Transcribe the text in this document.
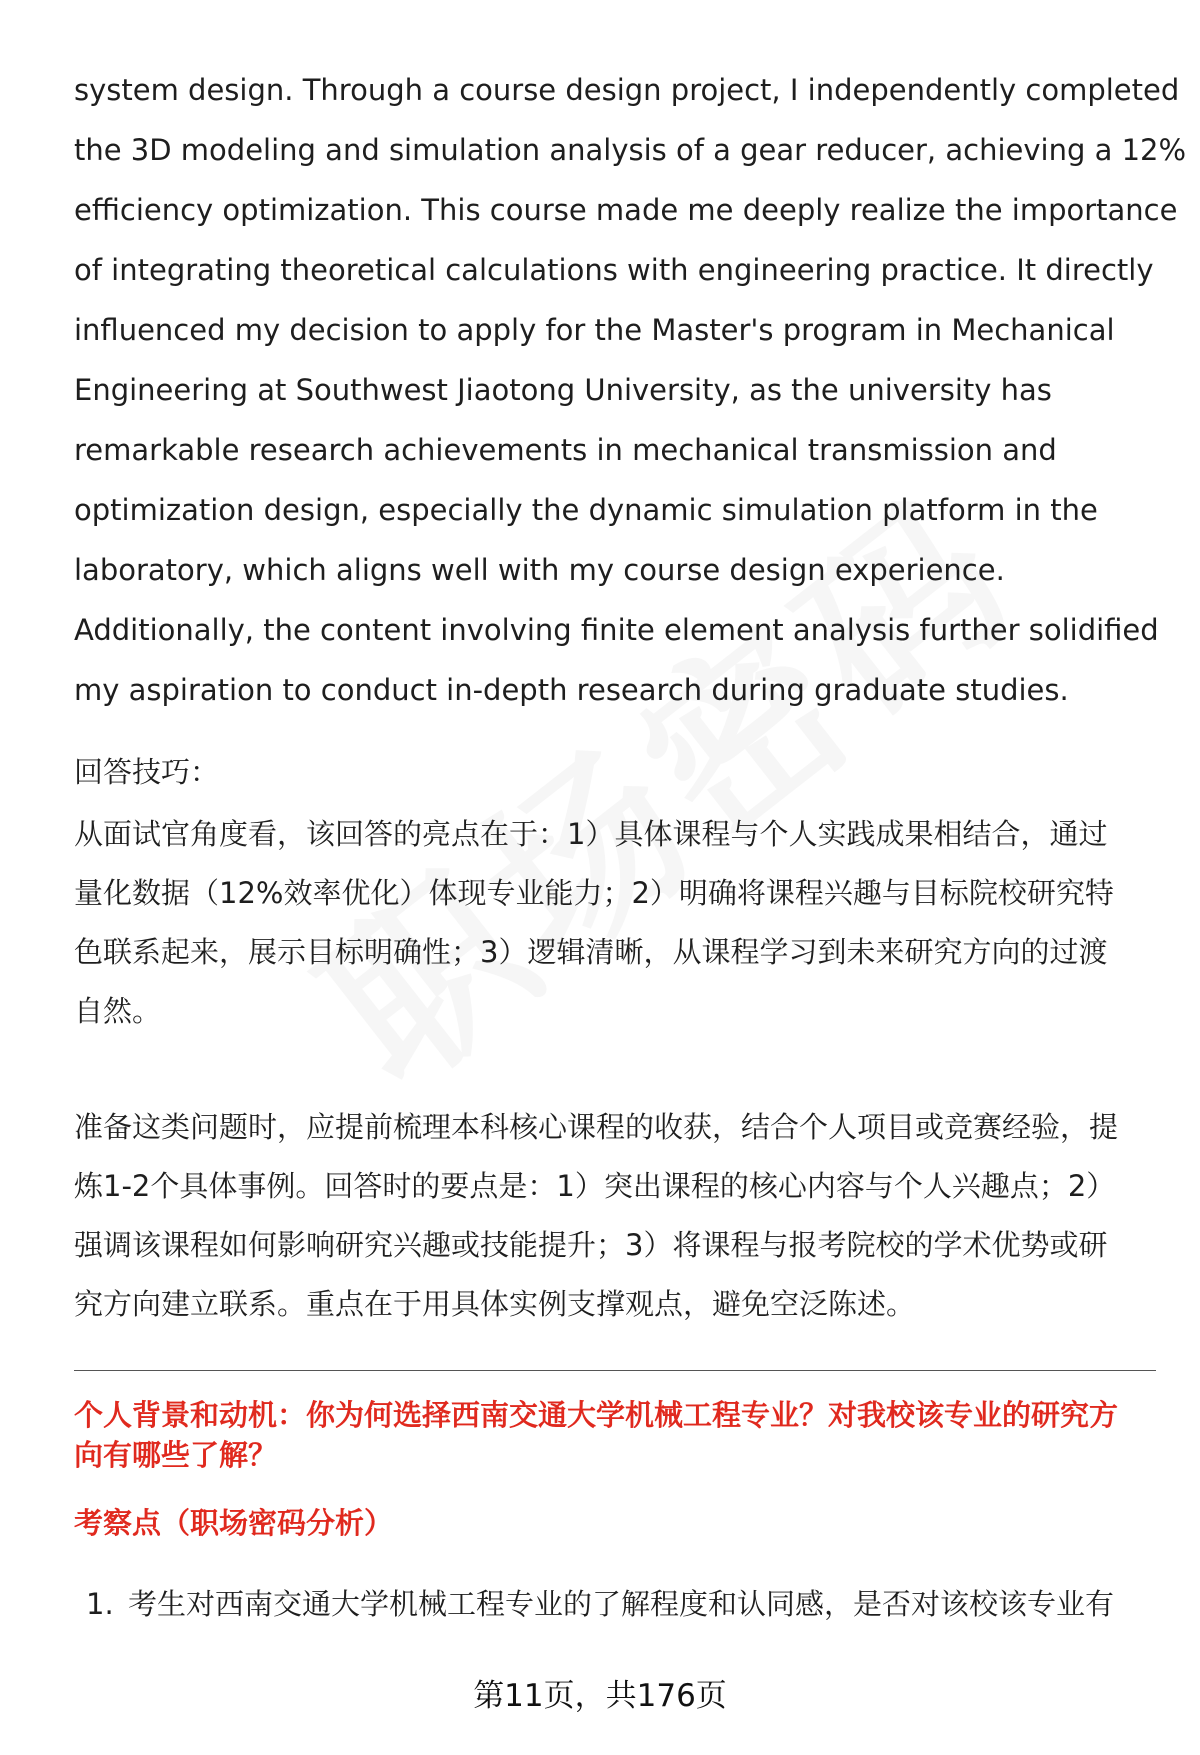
system design. Through a course design project, I independently completed

the 3D modeling and simulation analysis of a gear reducer, achieving a 12%

efficiency optimization. This course made me deeply realize the importance

of integrating theoretical calculations with engineering practice. It directly

influenced my decision to apply for the Master's program in Mechanical

Engineering at Southwest Jiaotong University, as the university has

remarkable research achievements in mechanical transmission and

optimization design, especially the dynamic simulation platform in the

laboratory, which aligns well with my course design experience.

Additionally, the content involving finite element analysis further solidified

my aspiration to conduct in-depth research during graduate studies.

回答技巧：

从面试官角度看，该回答的亮点在于：1）具体课程与个人实践成果相结合，通过

量化数据（12%效率优化）体现专业能力；2）明确将课程兴趣与目标院校研究特

色联系起来，展示目标明确性；3）逻辑清晰，从课程学习到未来研究方向的过渡

自然。

准备这类问题时，应提前梳理本科核心课程的收获，结合个人项目或竞赛经验，提

炼1-2个具体事例。回答时的要点是：1）突出课程的核心内容与个人兴趣点；2）

强调该课程如何影响研究兴趣或技能提升；3）将课程与报考院校的学术优势或研

究方向建立联系。重点在于用具体实例支撑观点，避免空泛陈述。

个人背景和动机：你为何选择西南交通大学机械工程专业？对我校该专业的研究方
向有哪些了解？

考察点（职场密码分析）

1. 考生对西南交通大学机械工程专业的了解程度和认同感，是否对该校该专业有

第11页，共176页
